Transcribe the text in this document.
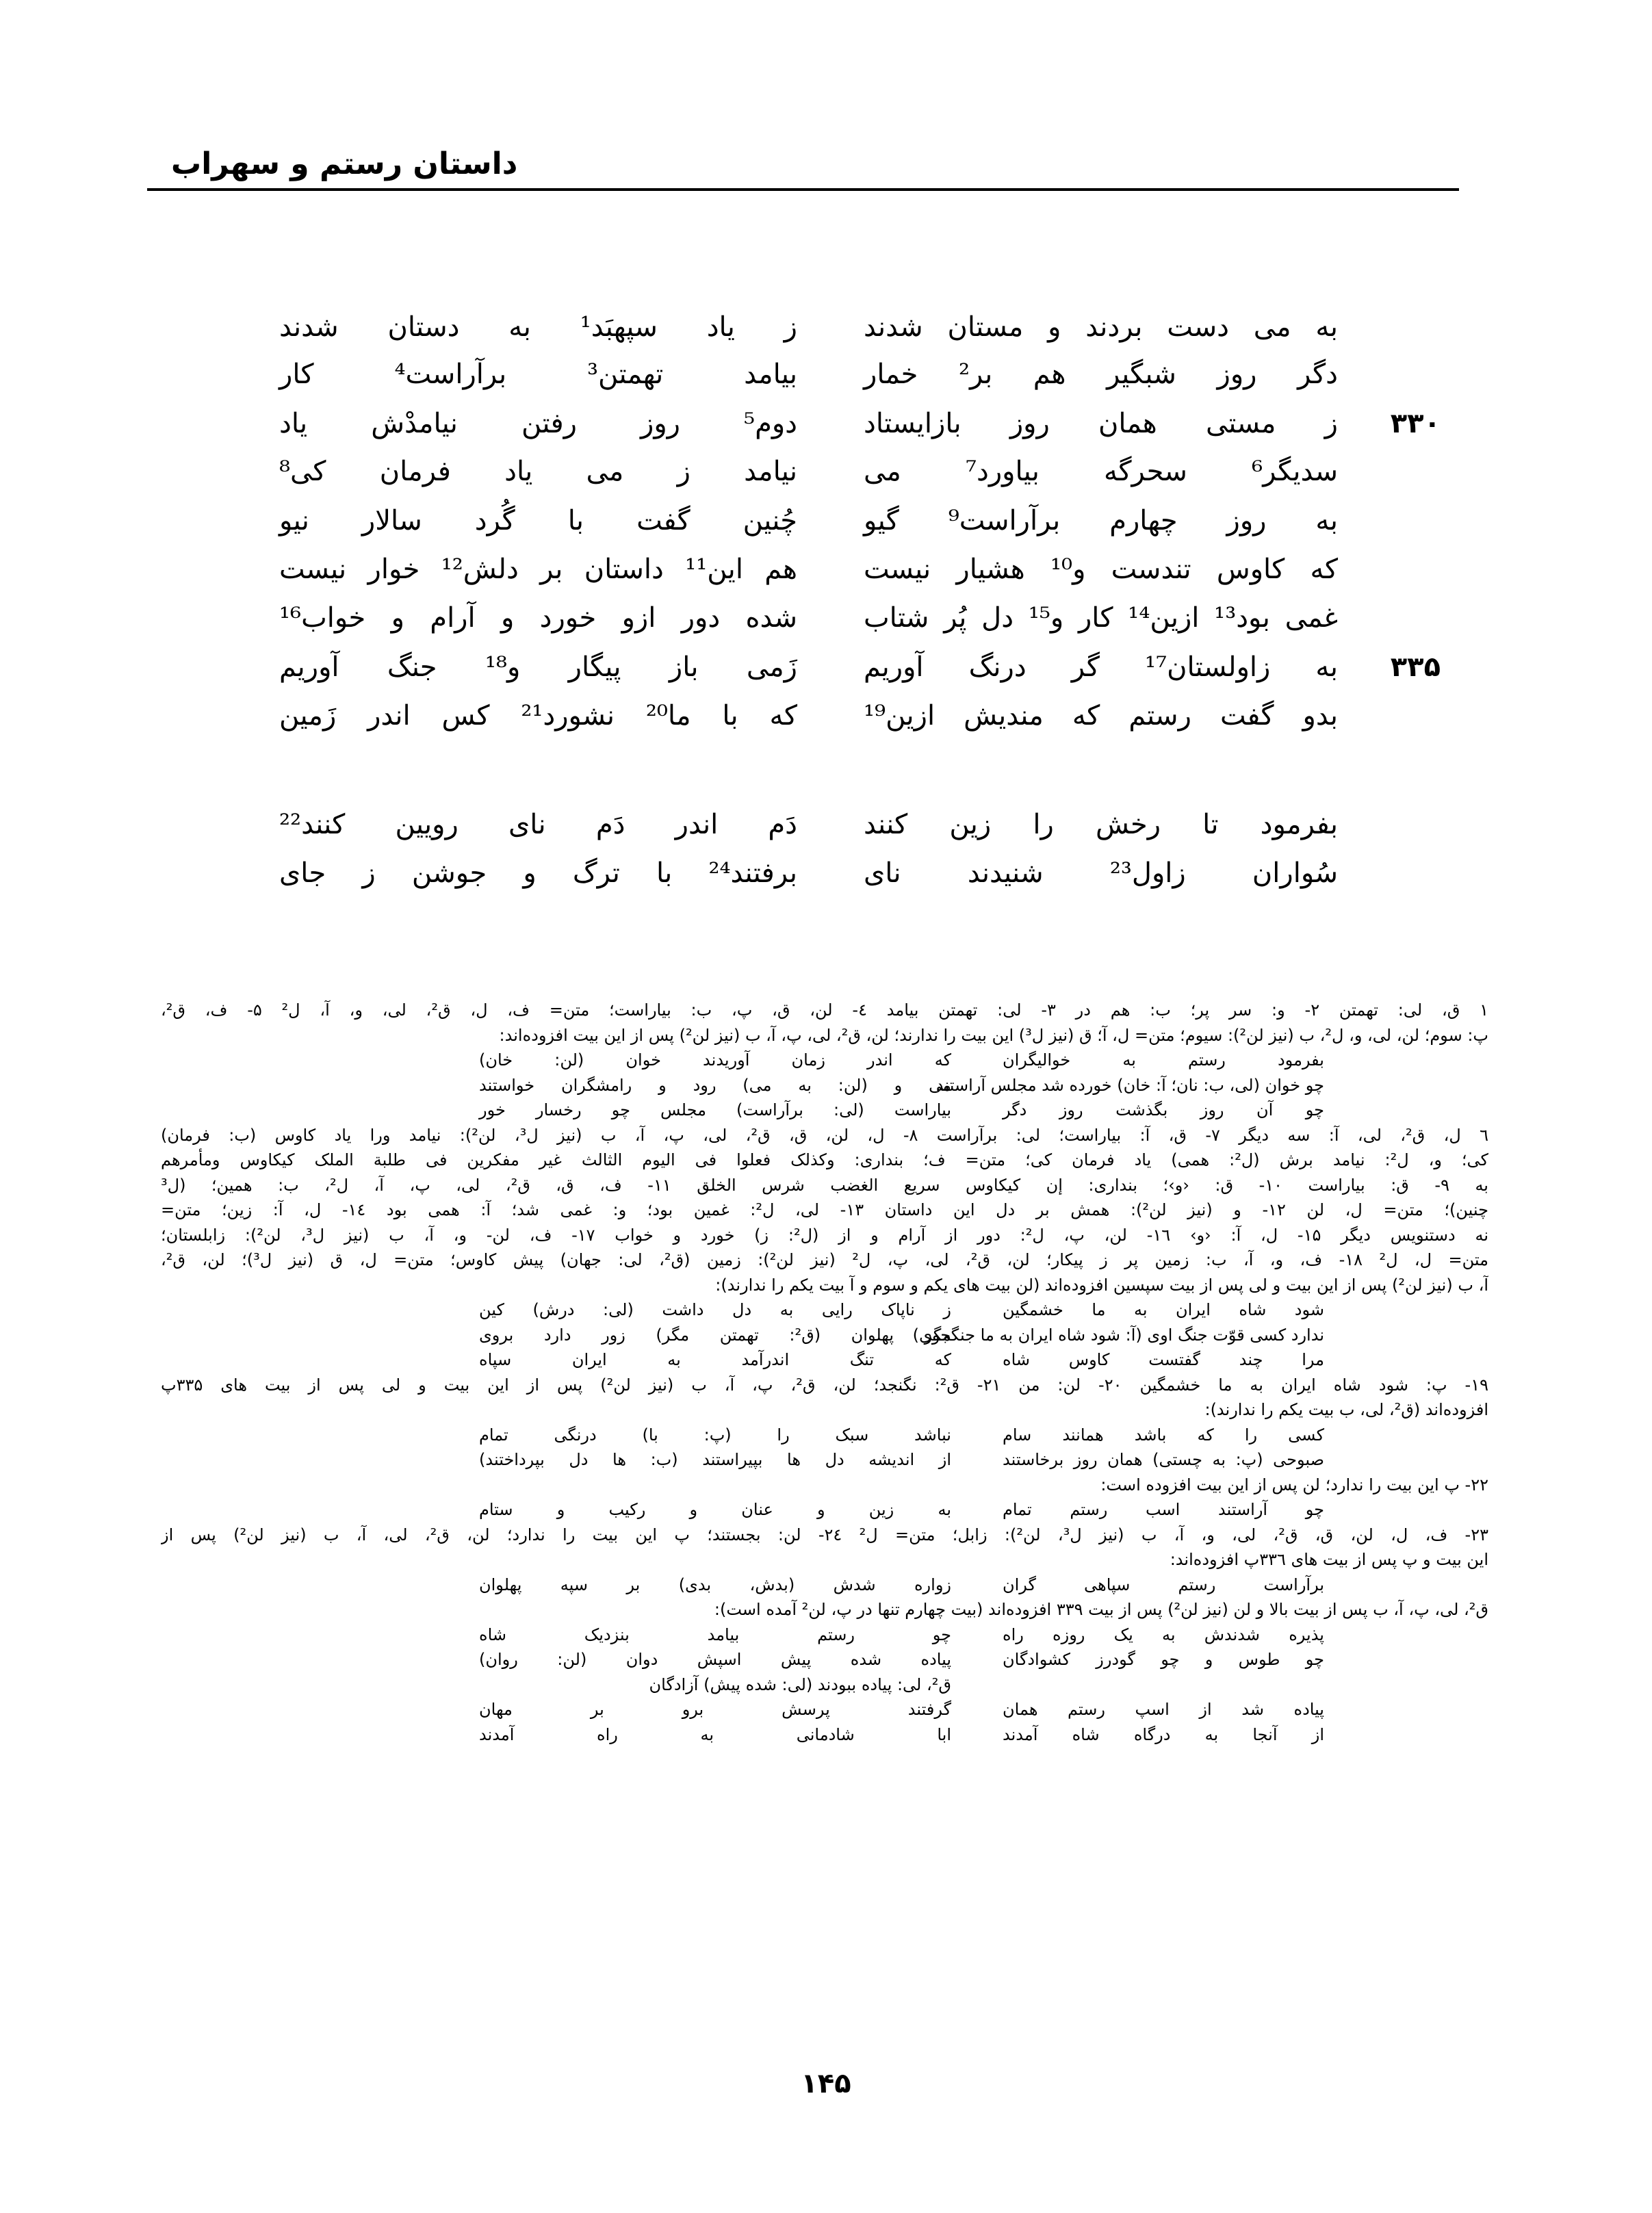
داستان رستم و سهراب
به می دست بردند و مستان شدند
ز یاد سپهبَد¹ به دستان شدند
دگر روز شبگیر هم بر² خمار
بیامد تهمتن³ برآراست⁴ کار
۳۳۰
ز مستی همان روز بازایستاد
دوم⁵ روز رفتن نیامدْش یاد
سدیگر⁶ سحرگه بیاورد⁷ می
نیامد ز می یاد فرمان کی⁸
به روز چهارم برآراست⁹ گیو
چُنین گفت با گُرد سالار نیو
که کاوس تندست و¹⁰ هشیار نیست
هم این¹¹ داستان بر دلش¹² خوار نیست
غمی بود¹³ ازین¹⁴ کار و¹⁵ دل پُر شتاب
شده دور ازو خورد و آرام و خواب¹⁶
۳۳۵
به زاولستان¹⁷ گر درنگ آوریم
زَمی باز پیگار و¹⁸ جنگ آوریم
بدو گفت رستم که مندیش ازین¹⁹
که با ما²⁰ نشورد²¹ کس اندر زَمین
بفرمود تا رخش را زین کنند
دَم اندر دَم نای رویین کنند²²
سُواران زاول²³ شنیدند نای
برفتند²⁴ با ترگ و جوشن ز جای
۱ ق، لی: تهمتن ۲- و: سر پر؛ ب: هم در ۳- لی: تهمتن بیامد ٤- لن، ق، پ، ب: بیاراست؛ متن= ف، ل، ق²، لی، و، آ، ل² ۵- ف، ق²،
پ: سوم؛ لن، لی، و، ل²، ب (نیز لن²): سیوم؛ متن= ل، آ؛ ق (نیز ل³) این بیت را ندارند؛ لن، ق²، لی، پ، آ، ب (نیز لن²) پس از این بیت افزوده‌اند:
بفرمود رستم به خوالیگران
که اندر زمان آوریدند خوان (لن: خان)
چو خوان (لی، ب: نان؛ آ: خان) خورده شد مجلس آراستند
می و (لن: به می) رود و رامشگران خواستند
چو آن روز بگذشت روز دگر
بیاراست (لی: برآراست) مجلس چو رخسار خور
٦ ل، ق²، لی، آ: سه دیگر ۷- ق، آ: بیاراست؛ لی: برآراست ۸- ل، لن، ق، ق²، لی، پ، آ، ب (نیز ل³، لن²): نیامد ورا یاد کاوس (ب: فرمان)
کی؛ و، ل²: نیامد برش (ل²: همی) یاد فرمان کی؛ متن= ف؛ بنداری: وکذلک فعلوا فی الیوم الثالث غیر مفکرین فی طلبة الملک کیکاوس ومأمرهم
به ۹- ق: بیاراست ۱۰- ق: ‹و›؛ بنداری: إن کیکاوس سریع الغضب شرس الخلق ۱۱- ف، ق، ق²، لی، پ، آ، ل²، ب: همین؛ (ل³
چنین)؛ متن= ل، لن ۱۲- و (نیز لن²): همش بر دل این داستان ۱۳- لی، ل²: غمین بود؛ و: غمی شد؛ آ: همی بود ۱٤- ل، آ: زین؛ متن=
نه دستنویس دیگر ۱۵- ل، آ: ‹و› ۱٦- لن، پ، ل²: دور از آرام و از (ل²: ز) خورد و خواب ۱۷- ف، لن- و، آ، ب (نیز ل³، لن²): زابلستان؛
متن= ل، ل² ۱۸- ف، و، آ، ب: زمین پر ز پیکار؛ لن، ق²، لی، پ، ل² (نیز لن²): زمین (ق²، لی: جهان) پیش کاوس؛ متن= ل، ق (نیز ل³)؛ لن، ق²،
آ، ب (نیز لن²) پس از این بیت و لی پس از بیت سپسین افزوده‌اند (لن بیت های یکم و سوم و آ بیت یکم را ندارند):
شود شاه ایران به ما خشمگین
ز ناپاک رایی به دل داشت (لی: درش) کین
ندارد کسی قوّت جنگ اوی (آ: شود شاه ایران به ما جنگجوی)
مگر پهلوان (ق²: تهمتن مگر) زور دارد بروی
مرا چند گفتست کاوس شاه
که تنگ اندرآمد به ایران سپاه
۱۹- پ: شود شاه ایران به ما خشمگین ۲۰- لن: من ۲۱- ق²: نگنجد؛ لن، ق²، پ، آ، ب (نیز لن²) پس از این بیت و لی پس از بیت های ۳۳۵پ
افزوده‌اند (ق²، لی، ب بیت یکم را ندارند):
کسی را که باشد همانند سام
نباشد سبک را (پ: با) درنگی تمام
صبوحی (پ: به چستی) همان روز برخاستند
از اندیشه دل ها بپیراستند (ب: ها دل بپرداختند)
۲۲- پ این بیت را ندارد؛ لن پس از این بیت افزوده است:
چو آراستند اسب رستم تمام
به زین و عنان و رکیب و ستام
۲۳- ف، ل، لن، ق، ق²، لی، و، آ، ب (نیز ل³، لن²): زابل؛ متن= ل² ۲٤- لن: بجستند؛ پ این بیت را ندارد؛ لن، ق²، لی، آ، ب (نیز لن²) پس از
این بیت و پ پس از بیت های ۳۳٦پ افزوده‌اند:
برآراست رستم سپاهی گران
زواره شدش (بدش، بدی) بر سپه پهلوان
ق²، لی، پ، آ، ب پس از بیت بالا و لن (نیز لن²) پس از بیت ۳۳۹ افزوده‌اند (بیت چهارم تنها در پ، لن² آمده است):
پذیره شدندش به یک روزه راه
چو رستم بیامد بنزدیک شاه
چو طوس و چو گودرز کشوادگان
پیاده شده پیش اسپش دوان (لن: روان)
ق²، لی: پیاده ببودند (لی: شده پیش) آزادگان
پیاده شد از اسپ رستم همان
گرفتند پرسش برو بر مهان
از آنجا به درگاه شاه آمدند
ابا شادمانی به راه آمدند
۱۴۵
